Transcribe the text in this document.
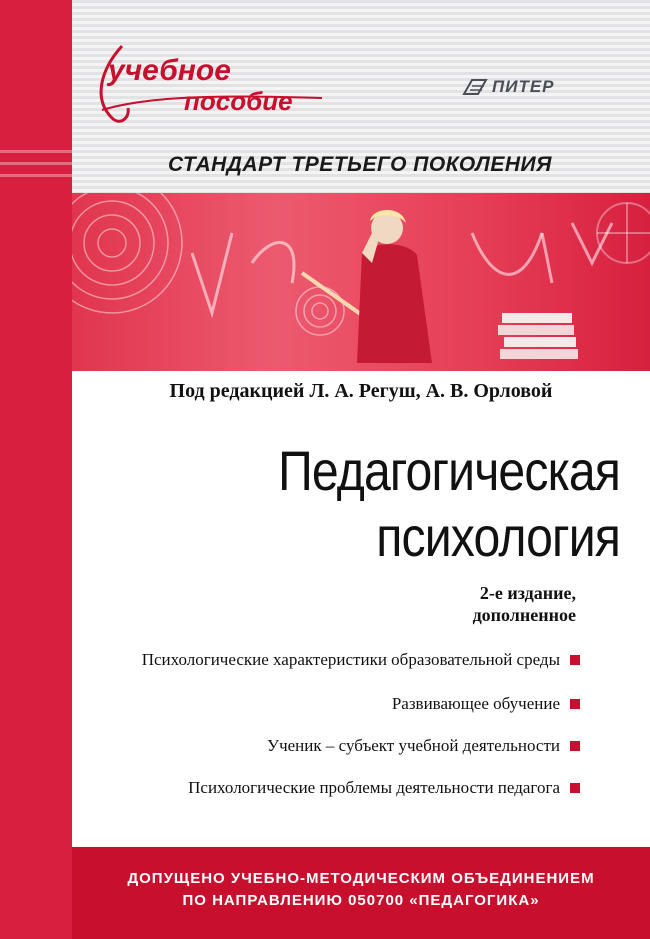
учебное
пособие	ПИТЕР
СТАНДАРТ ТРЕТЬЕГО ПОКОЛЕНИЯ
Под редакцией Л. А. Регуш, А. В. Орловой
Педагогическая
психология
2-е издание,
дополненное
Психологические характеристики образовательной среды
Развивающее обучение
Ученик – субъект учебной деятельности
Психологические проблемы деятельности педагога
ДОПУЩЕНО УЧЕБНО-МЕТОДИЧЕСКИМ ОБЪЕДИНЕНИЕМ
ПО НАПРАВЛЕНИЮ 050700 «ПЕДАГОГИКА»
